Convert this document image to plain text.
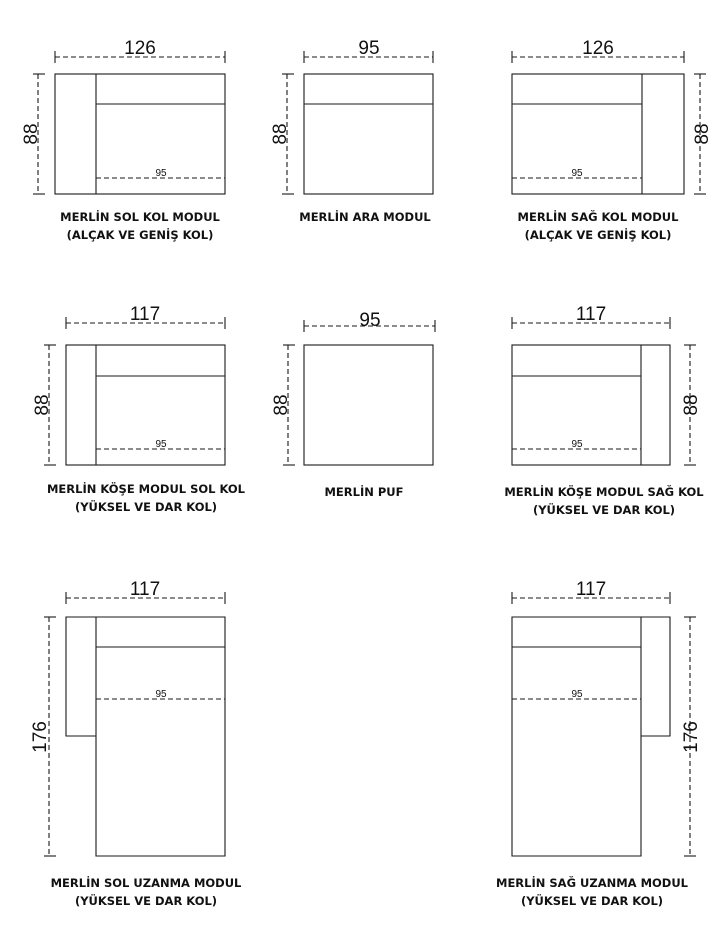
126
88
95
95
88
126
88
95
117
88
95
95
88
117
88
95
117
176
95
117
176
95
MERLİN SOL KOL MODUL
(ALÇAK VE GENİŞ KOL)
MERLİN ARA MODUL	MERLİN SAĞ KOL MODUL
(ALÇAK VE GENİŞ KOL)
MERLİN KÖŞE MODUL SOL KOL
(YÜKSEL VE DAR KOL)
MERLİN PUF	MERLİN KÖŞE MODUL SAĞ KOL
(YÜKSEL VE DAR KOL)
MERLİN SOL UZANMA MODUL
(YÜKSEL VE DAR KOL)
MERLİN SAĞ UZANMA MODUL
(YÜKSEL VE DAR KOL)
